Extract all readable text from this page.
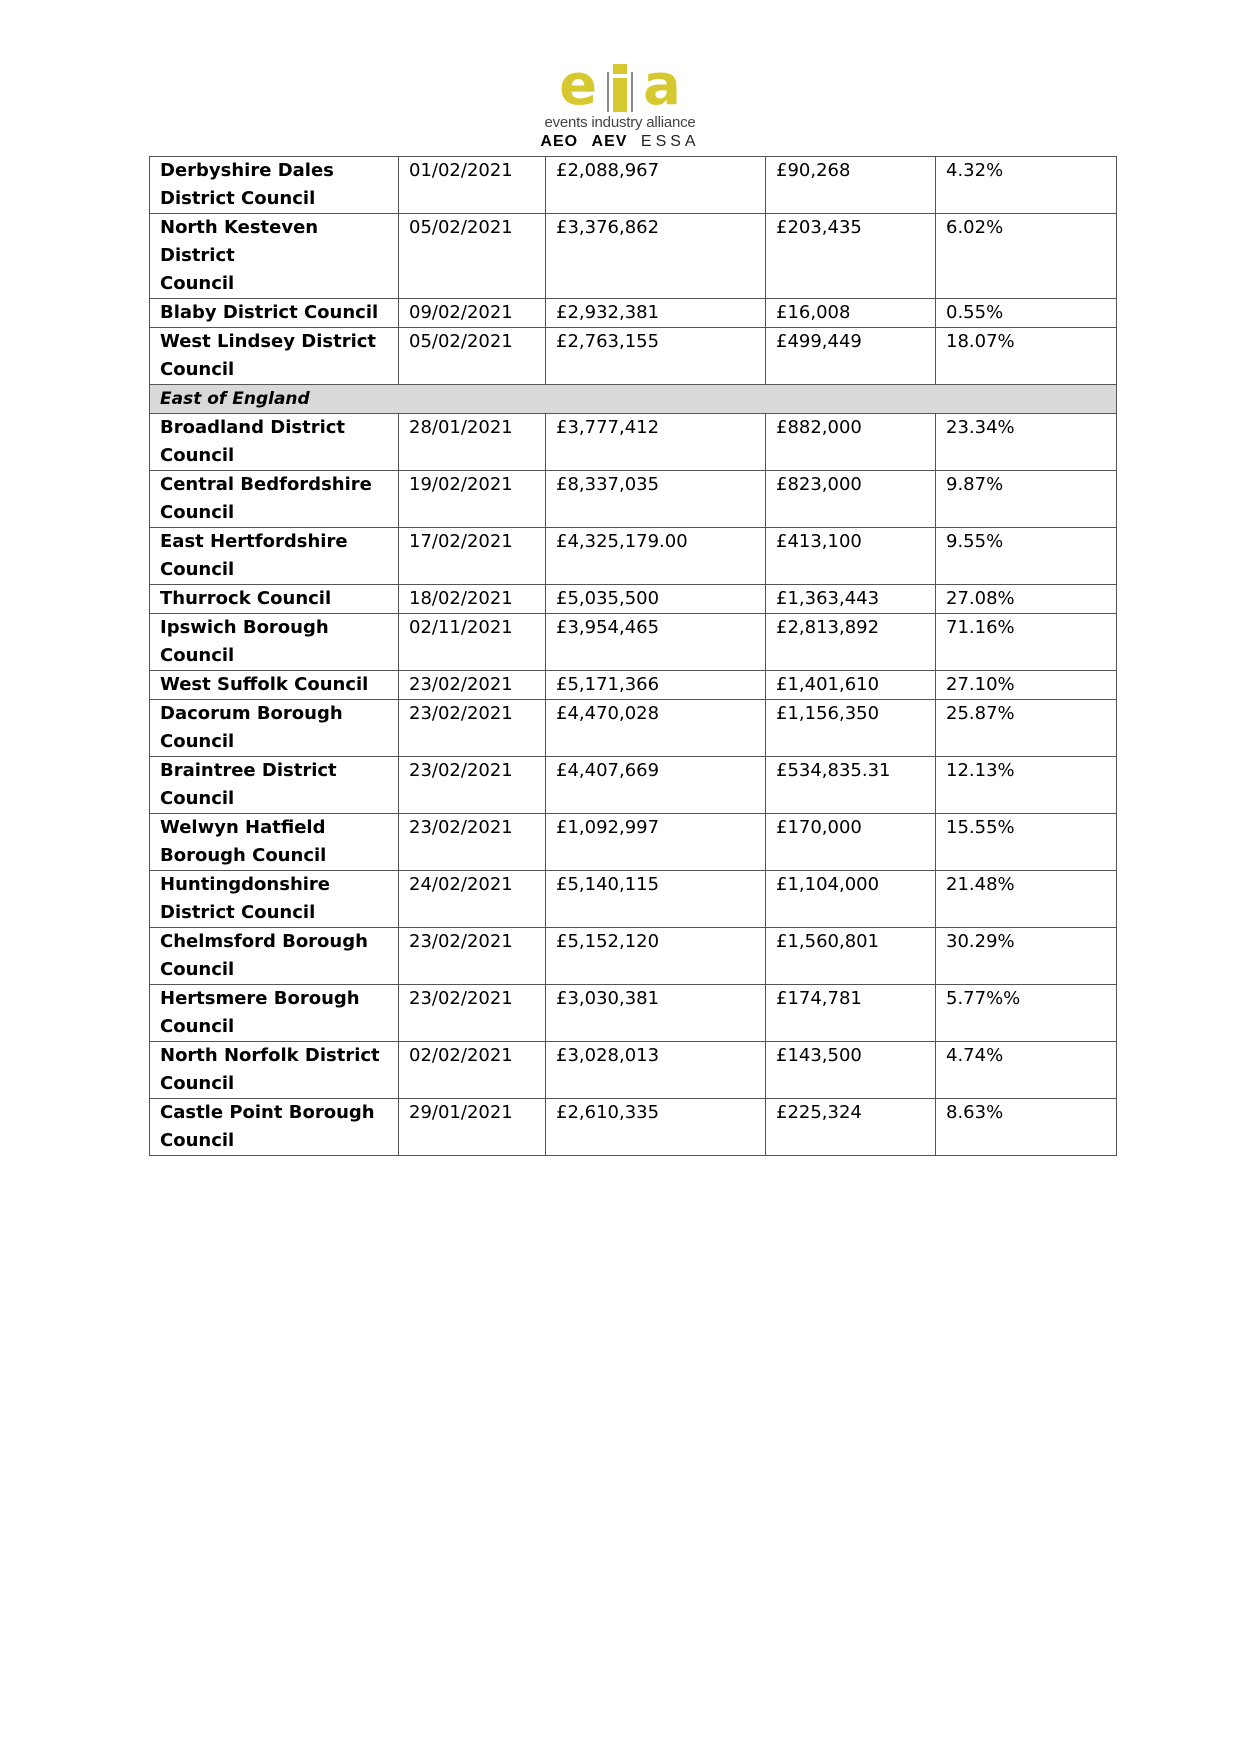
e a
events industry alliance
AEO AEV ESSA
Derbyshire Dales
District Council	01/02/2021	£2,088,967	£90,268	4.32%
North Kesteven District
Council	05/02/2021	£3,376,862	£203,435	6.02%
Blaby District Council	09/02/2021	£2,932,381	£16,008	0.55%
West Lindsey District
Council	05/02/2021	£2,763,155	£499,449	18.07%
East of England				
Broadland District
Council	28/01/2021	£3,777,412	£882,000	23.34%
Central Bedfordshire
Council	19/02/2021	£8,337,035	£823,000	9.87%
East Hertfordshire
Council	17/02/2021	£4,325,179.00	£413,100	9.55%
Thurrock Council	18/02/2021	£5,035,500	£1,363,443	27.08%
Ipswich Borough
Council	02/11/2021	£3,954,465	£2,813,892	71.16%
West Suffolk Council	23/02/2021	£5,171,366	£1,401,610	27.10%
Dacorum Borough
Council	23/02/2021	£4,470,028	£1,156,350	25.87%
Braintree District
Council	23/02/2021	£4,407,669	£534,835.31	12.13%
Welwyn Hatfield
Borough Council	23/02/2021	£1,092,997	£170,000	15.55%
Huntingdonshire
District Council	24/02/2021	£5,140,115	£1,104,000	21.48%
Chelmsford Borough
Council	23/02/2021	£5,152,120	£1,560,801	30.29%
Hertsmere Borough
Council	23/02/2021	£3,030,381	£174,781	5.77%%
North Norfolk District
Council	02/02/2021	£3,028,013	£143,500	4.74%
Castle Point Borough
Council	29/01/2021	£2,610,335	£225,324	8.63%
